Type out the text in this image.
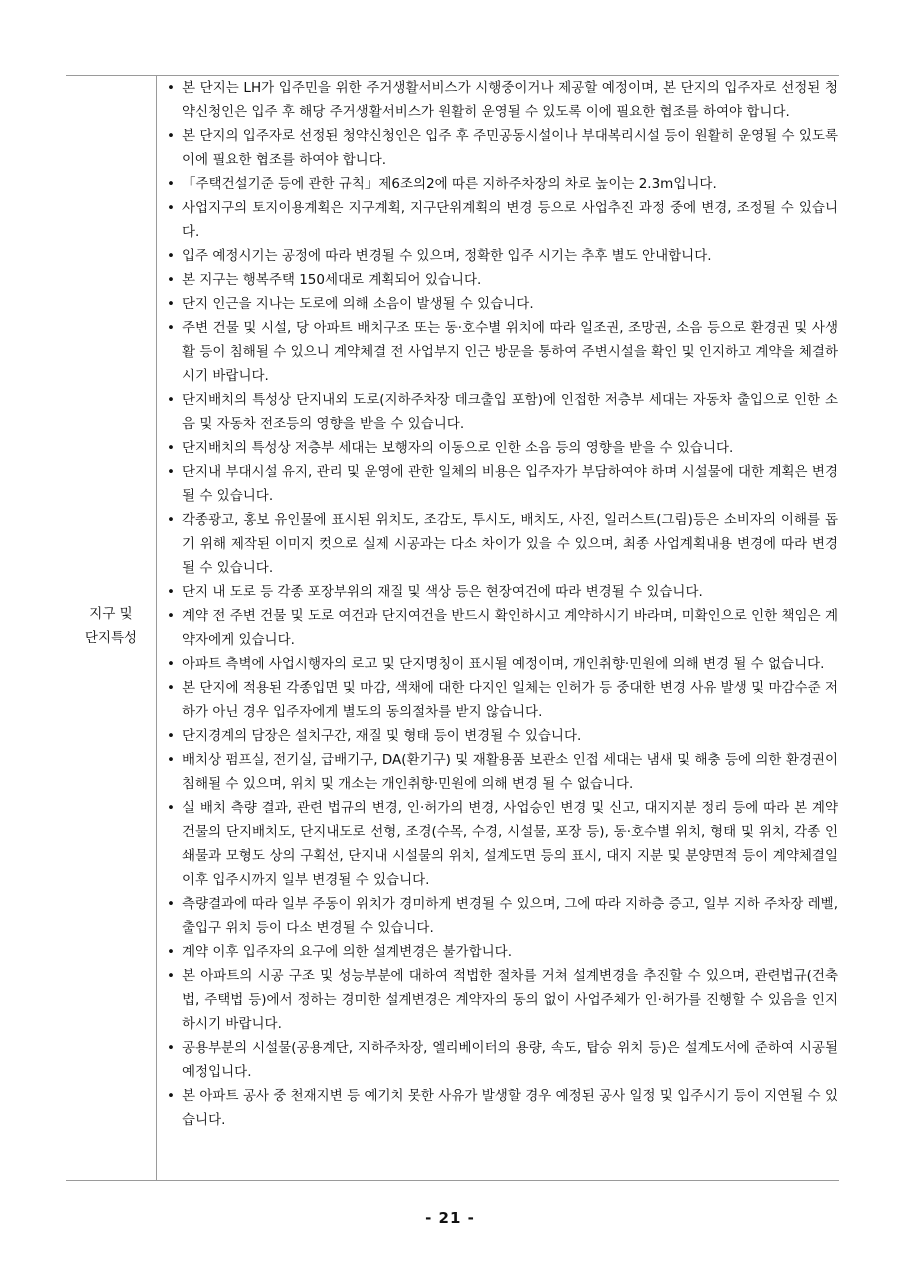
지구 및
단지특성
• 본 단지는 LH가 입주민을 위한 주거생활서비스가 시행중이거나 제공할 예정이며, 본 단지의 입주자로 선정된 청약신청인은 입주 후 해당 주거생활서비스가 원활히 운영될 수 있도록 이에 필요한 협조를 하여야 합니다.
• 본 단지의 입주자로 선정된 청약신청인은 입주 후 주민공동시설이나 부대복리시설 등이 원활히 운영될 수 있도록 이에 필요한 협조를 하여야 합니다.
• 「주택건설기준 등에 관한 규칙」제6조의2에 따른 지하주차장의 차로 높이는 2.3m입니다.
• 사업지구의 토지이용계획은 지구계획, 지구단위계획의 변경 등으로 사업추진 과정 중에 변경, 조정될 수 있습니다.
• 입주 예정시기는 공정에 따라 변경될 수 있으며, 정확한 입주 시기는 추후 별도 안내합니다.
• 본 지구는 행복주택 150세대로 계획되어 있습니다.
• 단지 인근을 지나는 도로에 의해 소음이 발생될 수 있습니다.
• 주변 건물 및 시설, 당 아파트 배치구조 또는 동·호수별 위치에 따라 일조권, 조망권, 소음 등으로 환경권 및 사생활 등이 침해될 수 있으니 계약체결 전 사업부지 인근 방문을 통하여 주변시설을 확인 및 인지하고 계약을 체결하시기 바랍니다.
• 단지배치의 특성상 단지내외 도로(지하주차장 데크출입 포함)에 인접한 저층부 세대는 자동차 출입으로 인한 소음 및 자동차 전조등의 영향을 받을 수 있습니다.
• 단지배치의 특성상 저층부 세대는 보행자의 이동으로 인한 소음 등의 영향을 받을 수 있습니다.
• 단지내 부대시설 유지, 관리 및 운영에 관한 일체의 비용은 입주자가 부담하여야 하며 시설물에 대한 계획은 변경될 수 있습니다.
• 각종광고, 홍보 유인물에 표시된 위치도, 조감도, 투시도, 배치도, 사진, 일러스트(그림)등은 소비자의 이해를 돕기 위해 제작된 이미지 컷으로 실제 시공과는 다소 차이가 있을 수 있으며, 최종 사업계획내용 변경에 따라 변경될 수 있습니다.
• 단지 내 도로 등 각종 포장부위의 재질 및 색상 등은 현장여건에 따라 변경될 수 있습니다.
• 계약 전 주변 건물 및 도로 여건과 단지여건을 반드시 확인하시고 계약하시기 바라며, 미확인으로 인한 책임은 계약자에게 있습니다.
• 아파트 측벽에 사업시행자의 로고 및 단지명칭이 표시될 예정이며, 개인취향·민원에 의해 변경 될 수 없습니다.
• 본 단지에 적용된 각종입면 및 마감, 색채에 대한 다지인 일체는 인허가 등 중대한 변경 사유 발생 및 마감수준 저하가 아닌 경우 입주자에게 별도의 동의절차를 받지 않습니다.
• 단지경계의 담장은 설치구간, 재질 및 형태 등이 변경될 수 있습니다.
• 배치상 펌프실, 전기실, 급배기구, DA(환기구) 및 재활용품 보관소 인접 세대는 냄새 및 해충 등에 의한 환경권이 침해될 수 있으며, 위치 및 개소는 개인취향·민원에 의해 변경 될 수 없습니다.
• 실 배치 측량 결과, 관련 법규의 변경, 인·허가의 변경, 사업승인 변경 및 신고, 대지지분 정리 등에 따라 본 계약 건물의 단지배치도, 단지내도로 선형, 조경(수목, 수경, 시설물, 포장 등), 동·호수별 위치, 형태 및 위치, 각종 인쇄물과 모형도 상의 구획선, 단지내 시설물의 위치, 설계도면 등의 표시, 대지 지분 및 분양면적 등이 계약체결일 이후 입주시까지 일부 변경될 수 있습니다.
• 측량결과에 따라 일부 주동이 위치가 경미하게 변경될 수 있으며, 그에 따라 지하층 증고, 일부 지하 주차장 레벨, 출입구 위치 등이 다소 변경될 수 있습니다.
• 계약 이후 입주자의 요구에 의한 설계변경은 불가합니다.
• 본 아파트의 시공 구조 및 성능부분에 대하여 적법한 절차를 거쳐 설계변경을 추진할 수 있으며, 관련법규(건축법, 주택법 등)에서 정하는 경미한 설계변경은 계약자의 동의 없이 사업주체가 인·허가를 진행할 수 있음을 인지 하시기 바랍니다.
• 공용부분의 시설물(공용계단, 지하주차장, 엘리베이터의 용량, 속도, 탑승 위치 등)은 설계도서에 준하여 시공될 예정입니다.
• 본 아파트 공사 중 천재지변 등 예기치 못한 사유가 발생할 경우 예정된 공사 일정 및 입주시기 등이 지연될 수 있습니다.
- 21 -
